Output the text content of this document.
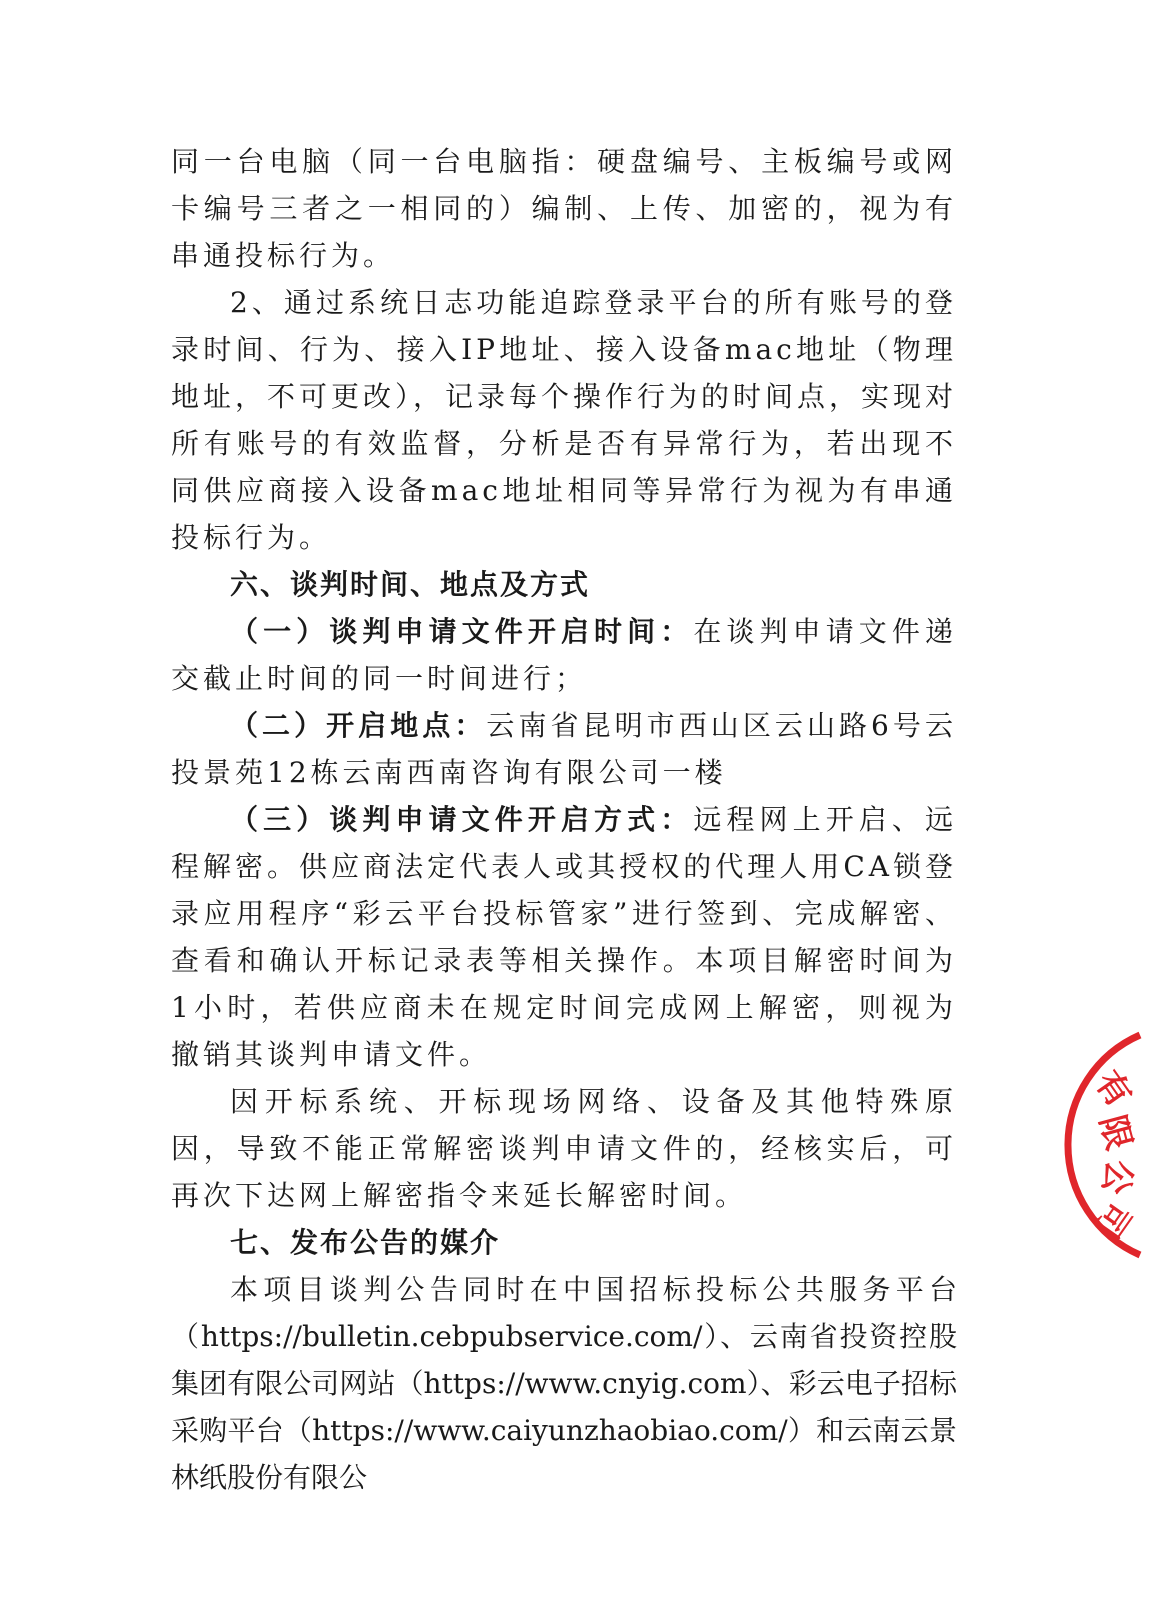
同一台电脑（同一台电脑指：硬盘编号、主板编号或网卡编号三者之一相同的）编制、上传、加密的，视为有串通投标行为。

2、通过系统日志功能追踪登录平台的所有账号的登录时间、行为、接入IP地址、接入设备mac地址（物理地址，不可更改），记录每个操作行为的时间点，实现对所有账号的有效监督，分析是否有异常行为，若出现不同供应商接入设备mac地址相同等异常行为视为有串通投标行为。

六、谈判时间、地点及方式

（一）谈判申请文件开启时间：在谈判申请文件递交截止时间的同一时间进行；

（二）开启地点：云南省昆明市西山区云山路6号云投景苑12栋云南西南咨询有限公司一楼

（三）谈判申请文件开启方式：远程网上开启、远程解密。供应商法定代表人或其授权的代理人用CA锁登录应用程序“彩云平台投标管家”进行签到、完成解密、查看和确认开标记录表等相关操作。本项目解密时间为1小时，若供应商未在规定时间完成网上解密，则视为撤销其谈判申请文件。

因开标系统、开标现场网络、设备及其他特殊原因，导致不能正常解密谈判申请文件的，经核实后，可再次下达网上解密指令来延长解密时间。

七、发布公告的媒介

本项目谈判公告同时在中国招标投标公共服务平台（https://bulletin.cebpubservice.com/）、云南省投资控股集团有限公司网站（https://www.cnyig.com）、彩云电子招标采购平台（https://www.caiyunzhaobiao.com/）和云南云景林纸股份有限公

有
限
公
司
